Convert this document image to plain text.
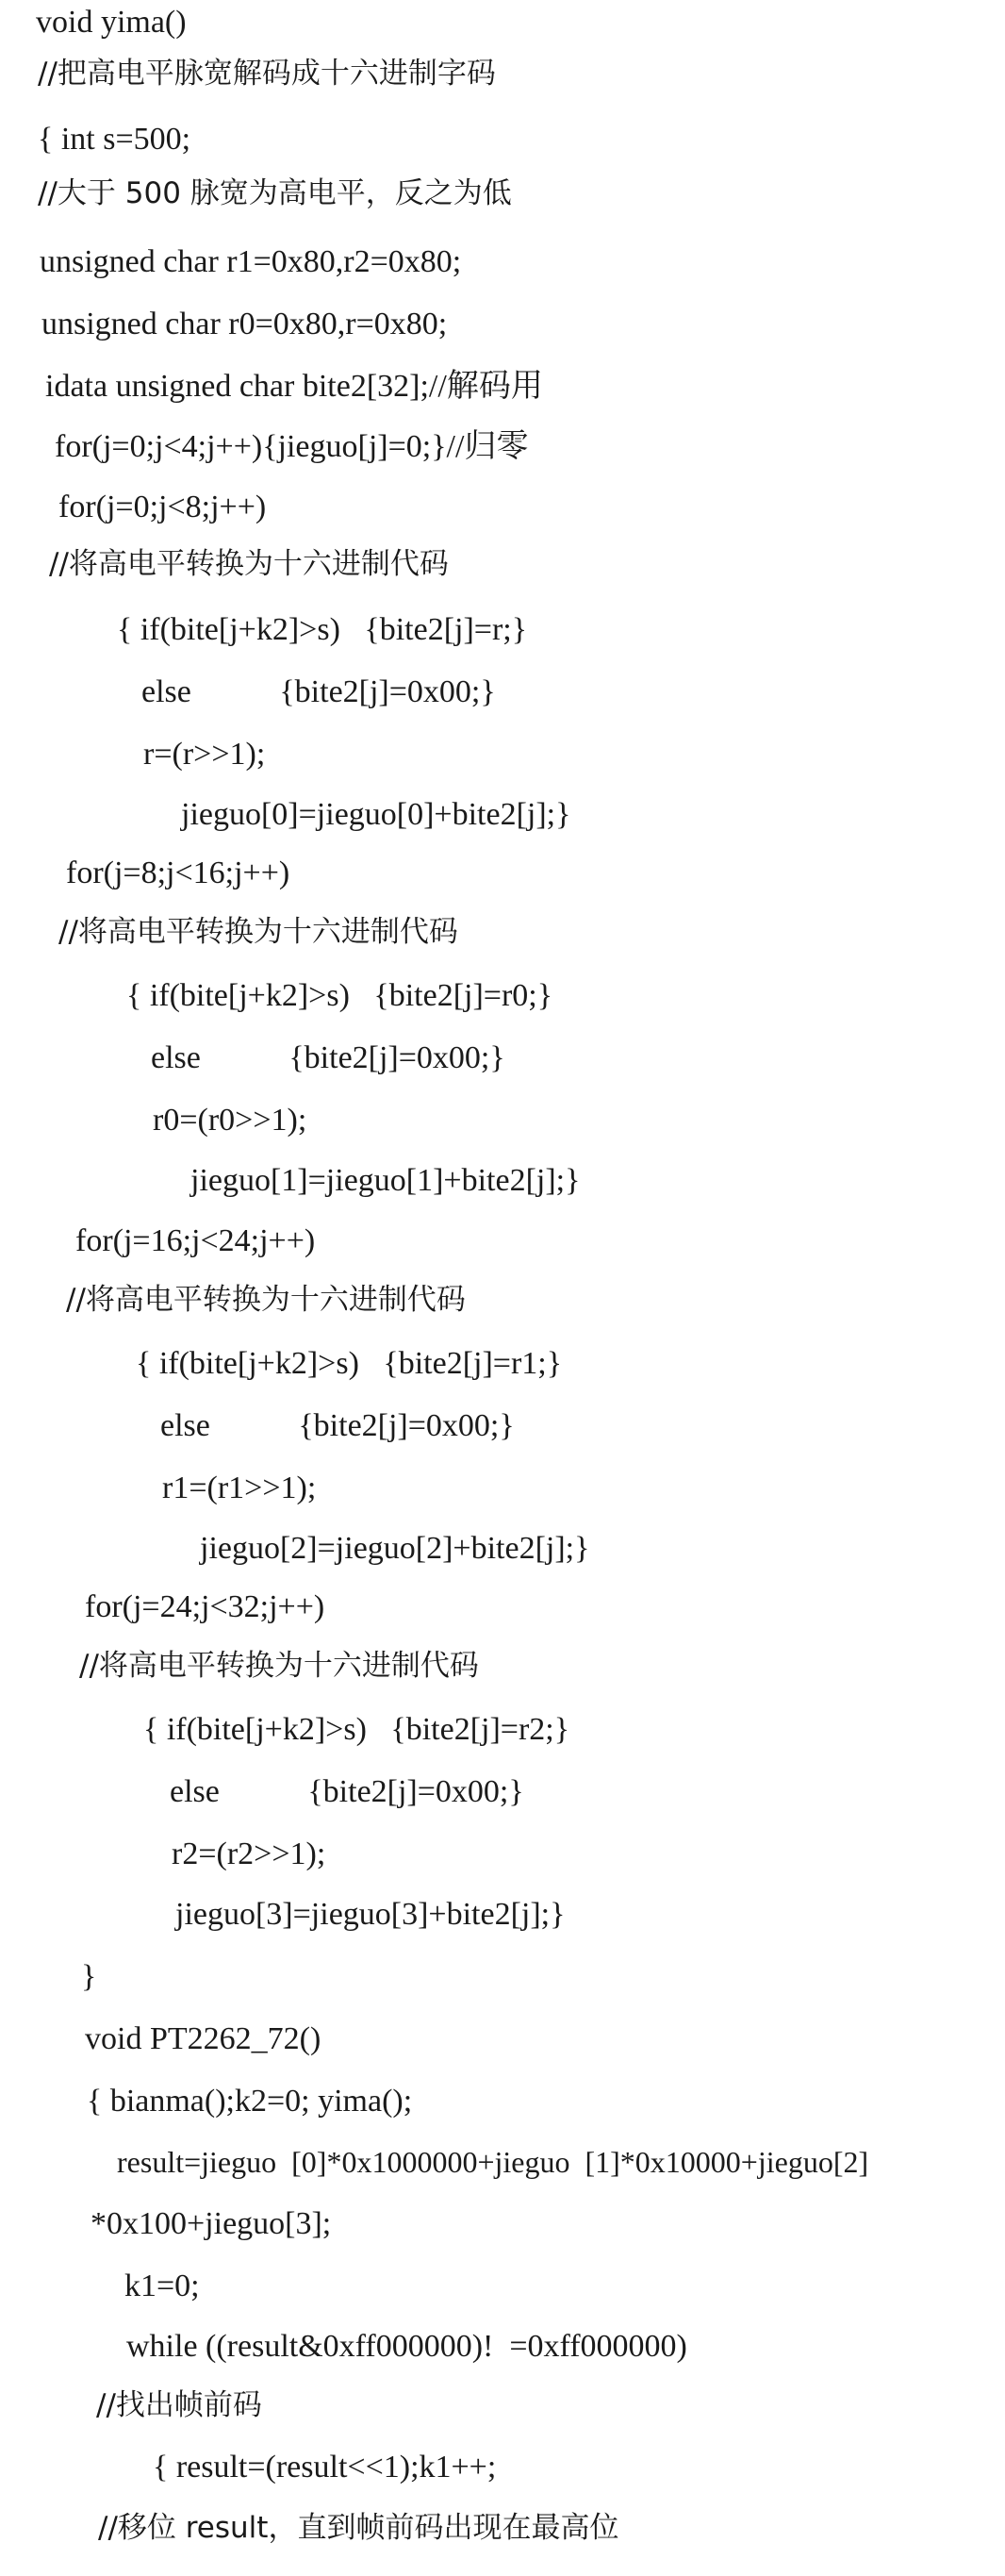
void yima()
//把高电平脉宽解码成十六进制字码
{ int s=500;
//大于 500 脉宽为高电平，反之为低
unsigned char r1=0x80,r2=0x80;
unsigned char r0=0x80,r=0x80;
idata unsigned char bite2[32];//解码用
for(j=0;j<4;j++){jieguo[j]=0;}//归零
for(j=0;j<8;j++)
//将高电平转换为十六进制代码
{ if(bite[j+k2]>s)   {bite2[j]=r;}
else           {bite2[j]=0x00;}
r=(r>>1);
jieguo[0]=jieguo[0]+bite2[j];}
for(j=8;j<16;j++)
//将高电平转换为十六进制代码
{ if(bite[j+k2]>s)   {bite2[j]=r0;}
else           {bite2[j]=0x00;}
r0=(r0>>1);
jieguo[1]=jieguo[1]+bite2[j];}
for(j=16;j<24;j++)
//将高电平转换为十六进制代码
{ if(bite[j+k2]>s)   {bite2[j]=r1;}
else           {bite2[j]=0x00;}
r1=(r1>>1);
jieguo[2]=jieguo[2]+bite2[j];}
for(j=24;j<32;j++)
//将高电平转换为十六进制代码
{ if(bite[j+k2]>s)   {bite2[j]=r2;}
else           {bite2[j]=0x00;}
r2=(r2>>1);
jieguo[3]=jieguo[3]+bite2[j];}
}
void PT2262_72()
{ bianma();k2=0; yima();
result=jieguo  [0]*0x1000000+jieguo  [1]*0x10000+jieguo[2]
*0x100+jieguo[3];
k1=0;
while ((result&0xff000000)!  =0xff000000)
//找出帧前码
{ result=(result<<1);k1++;
//移位 result，直到帧前码出现在最高位
